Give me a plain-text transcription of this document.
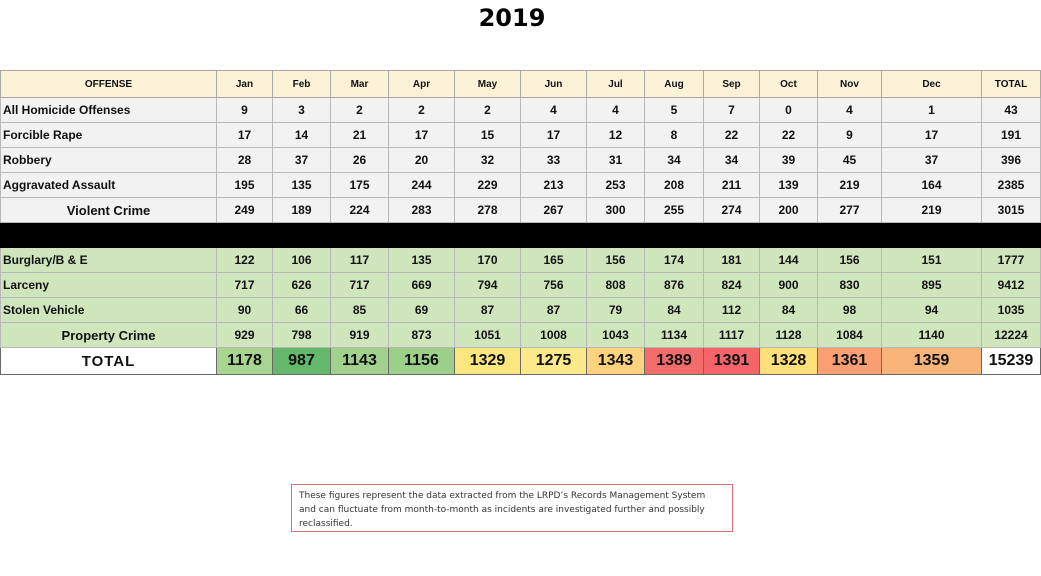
2019
OFFENSE	Jan	Feb	Mar	Apr	May	Jun	Jul	Aug	Sep	Oct	Nov	Dec	TOTAL
All Homicide Offenses	9	3	2	2	2	4	4	5	7	0	4	1	43
Forcible Rape	17	14	21	17	15	17	12	8	22	22	9	17	191
Robbery	28	37	26	20	32	33	31	34	34	39	45	37	396
Aggravated Assault	195	135	175	244	229	213	253	208	211	139	219	164	2385
Violent Crime	249	189	224	283	278	267	300	255	274	200	277	219	3015

Burglary/B & E	122	106	117	135	170	165	156	174	181	144	156	151	1777
Larceny	717	626	717	669	794	756	808	876	824	900	830	895	9412
Stolen Vehicle	90	66	85	69	87	87	79	84	112	84	98	94	1035
Property Crime	929	798	919	873	1051	1008	1043	1134	1117	1128	1084	1140	12224
TOTAL	1178	987	1143	1156	1329	1275	1343	1389	1391	1328	1361	1359	15239
These figures represent the data extracted from the LRPD’s Records Management System and can fluctuate from month-to-month as incidents are investigated further and possibly reclassified.
